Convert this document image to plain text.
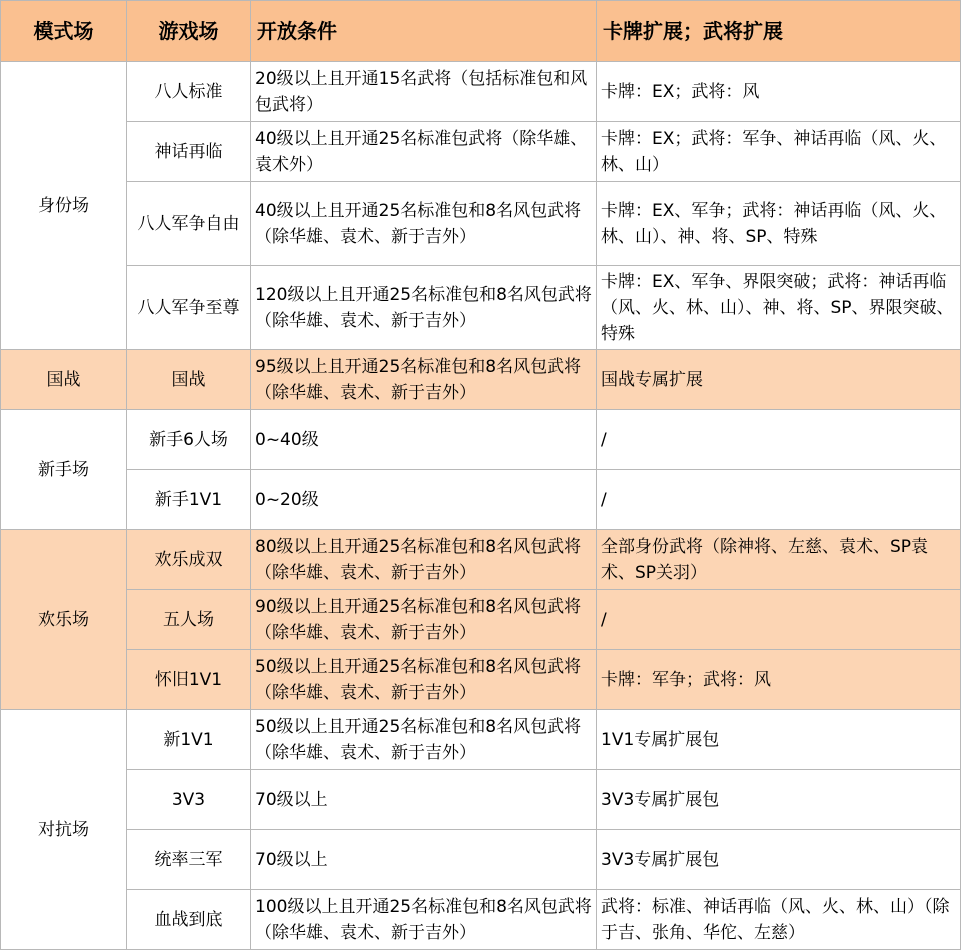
模式场	游戏场	开放条件	卡牌扩展；武将扩展
身份场	八人标准	20级以上且开通15名武将（包括标准包和风包武将）	卡牌：EX；武将：风
	神话再临	40级以上且开通25名标准包武将（除华雄、袁术外）	卡牌：EX；武将：军争、神话再临（风、火、林、山）
	八人军争自由	40级以上且开通25名标准包和8名风包武将（除华雄、袁术、新于吉外）	卡牌：EX、军争；武将：神话再临（风、火、林、山）、神、将、SP、特殊
	八人军争至尊	120级以上且开通25名标准包和8名风包武将（除华雄、袁术、新于吉外）	卡牌：EX、军争、界限突破；武将：神话再临（风、火、林、山）、神、将、SP、界限突破、特殊
国战	国战	95级以上且开通25名标准包和8名风包武将（除华雄、袁术、新于吉外）	国战专属扩展
新手场	新手6人场	0~40级	/
	新手1V1	0~20级	/
欢乐场	欢乐成双	80级以上且开通25名标准包和8名风包武将（除华雄、袁术、新于吉外）	全部身份武将（除神将、左慈、袁术、SP袁术、SP关羽）
	五人场	90级以上且开通25名标准包和8名风包武将（除华雄、袁术、新于吉外）	/
	怀旧1V1	50级以上且开通25名标准包和8名风包武将（除华雄、袁术、新于吉外）	卡牌：军争；武将：风
对抗场	新1V1	50级以上且开通25名标准包和8名风包武将（除华雄、袁术、新于吉外）	1V1专属扩展包
	3V3	70级以上	3V3专属扩展包
	统率三军	70级以上	3V3专属扩展包
	血战到底	100级以上且开通25名标准包和8名风包武将（除华雄、袁术、新于吉外）	武将：标准、神话再临（风、火、林、山）（除于吉、张角、华佗、左慈）
